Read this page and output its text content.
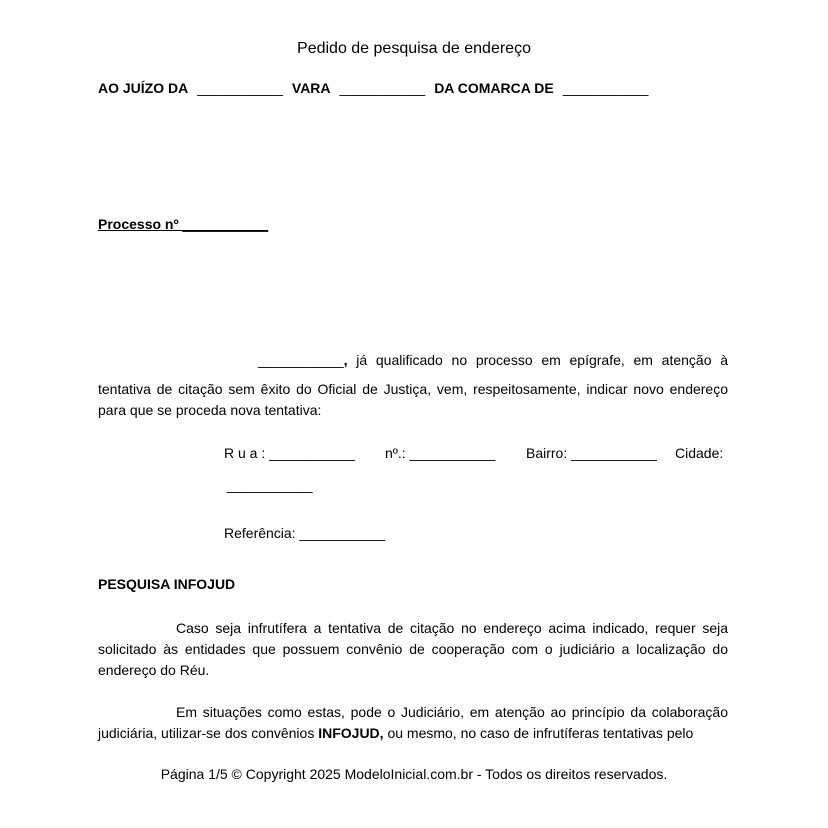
Pedido de pesquisa de endereço
AO JUÍZO DA ___________ VARA ___________ DA COMARCA DE ___________
Processo nº ___________
___________, já qualificado no processo em epígrafe, em atenção à
tentativa de citação sem êxito do Oficial de Justiça, vem, respeitosamente, indicar novo endereço para que se proceda nova tentativa:
R u a : ___________ nº.: ___________ Bairro: ___________ Cidade:
___________
Referência: ___________
PESQUISA INFOJUD
Caso seja infrutífera a tentativa de citação no endereço acima indicado, requer seja solicitado às entidades que possuem convênio de cooperação com o judiciário a localização do endereço do Réu.
Em situações como estas, pode o Judiciário, em atenção ao princípio da colaboração judiciária, utilizar-se dos convênios INFOJUD, ou mesmo, no caso de infrutíferas tentativas pelo
Página 1/5 © Copyright 2025 ModeloInicial.com.br - Todos os direitos reservados.
